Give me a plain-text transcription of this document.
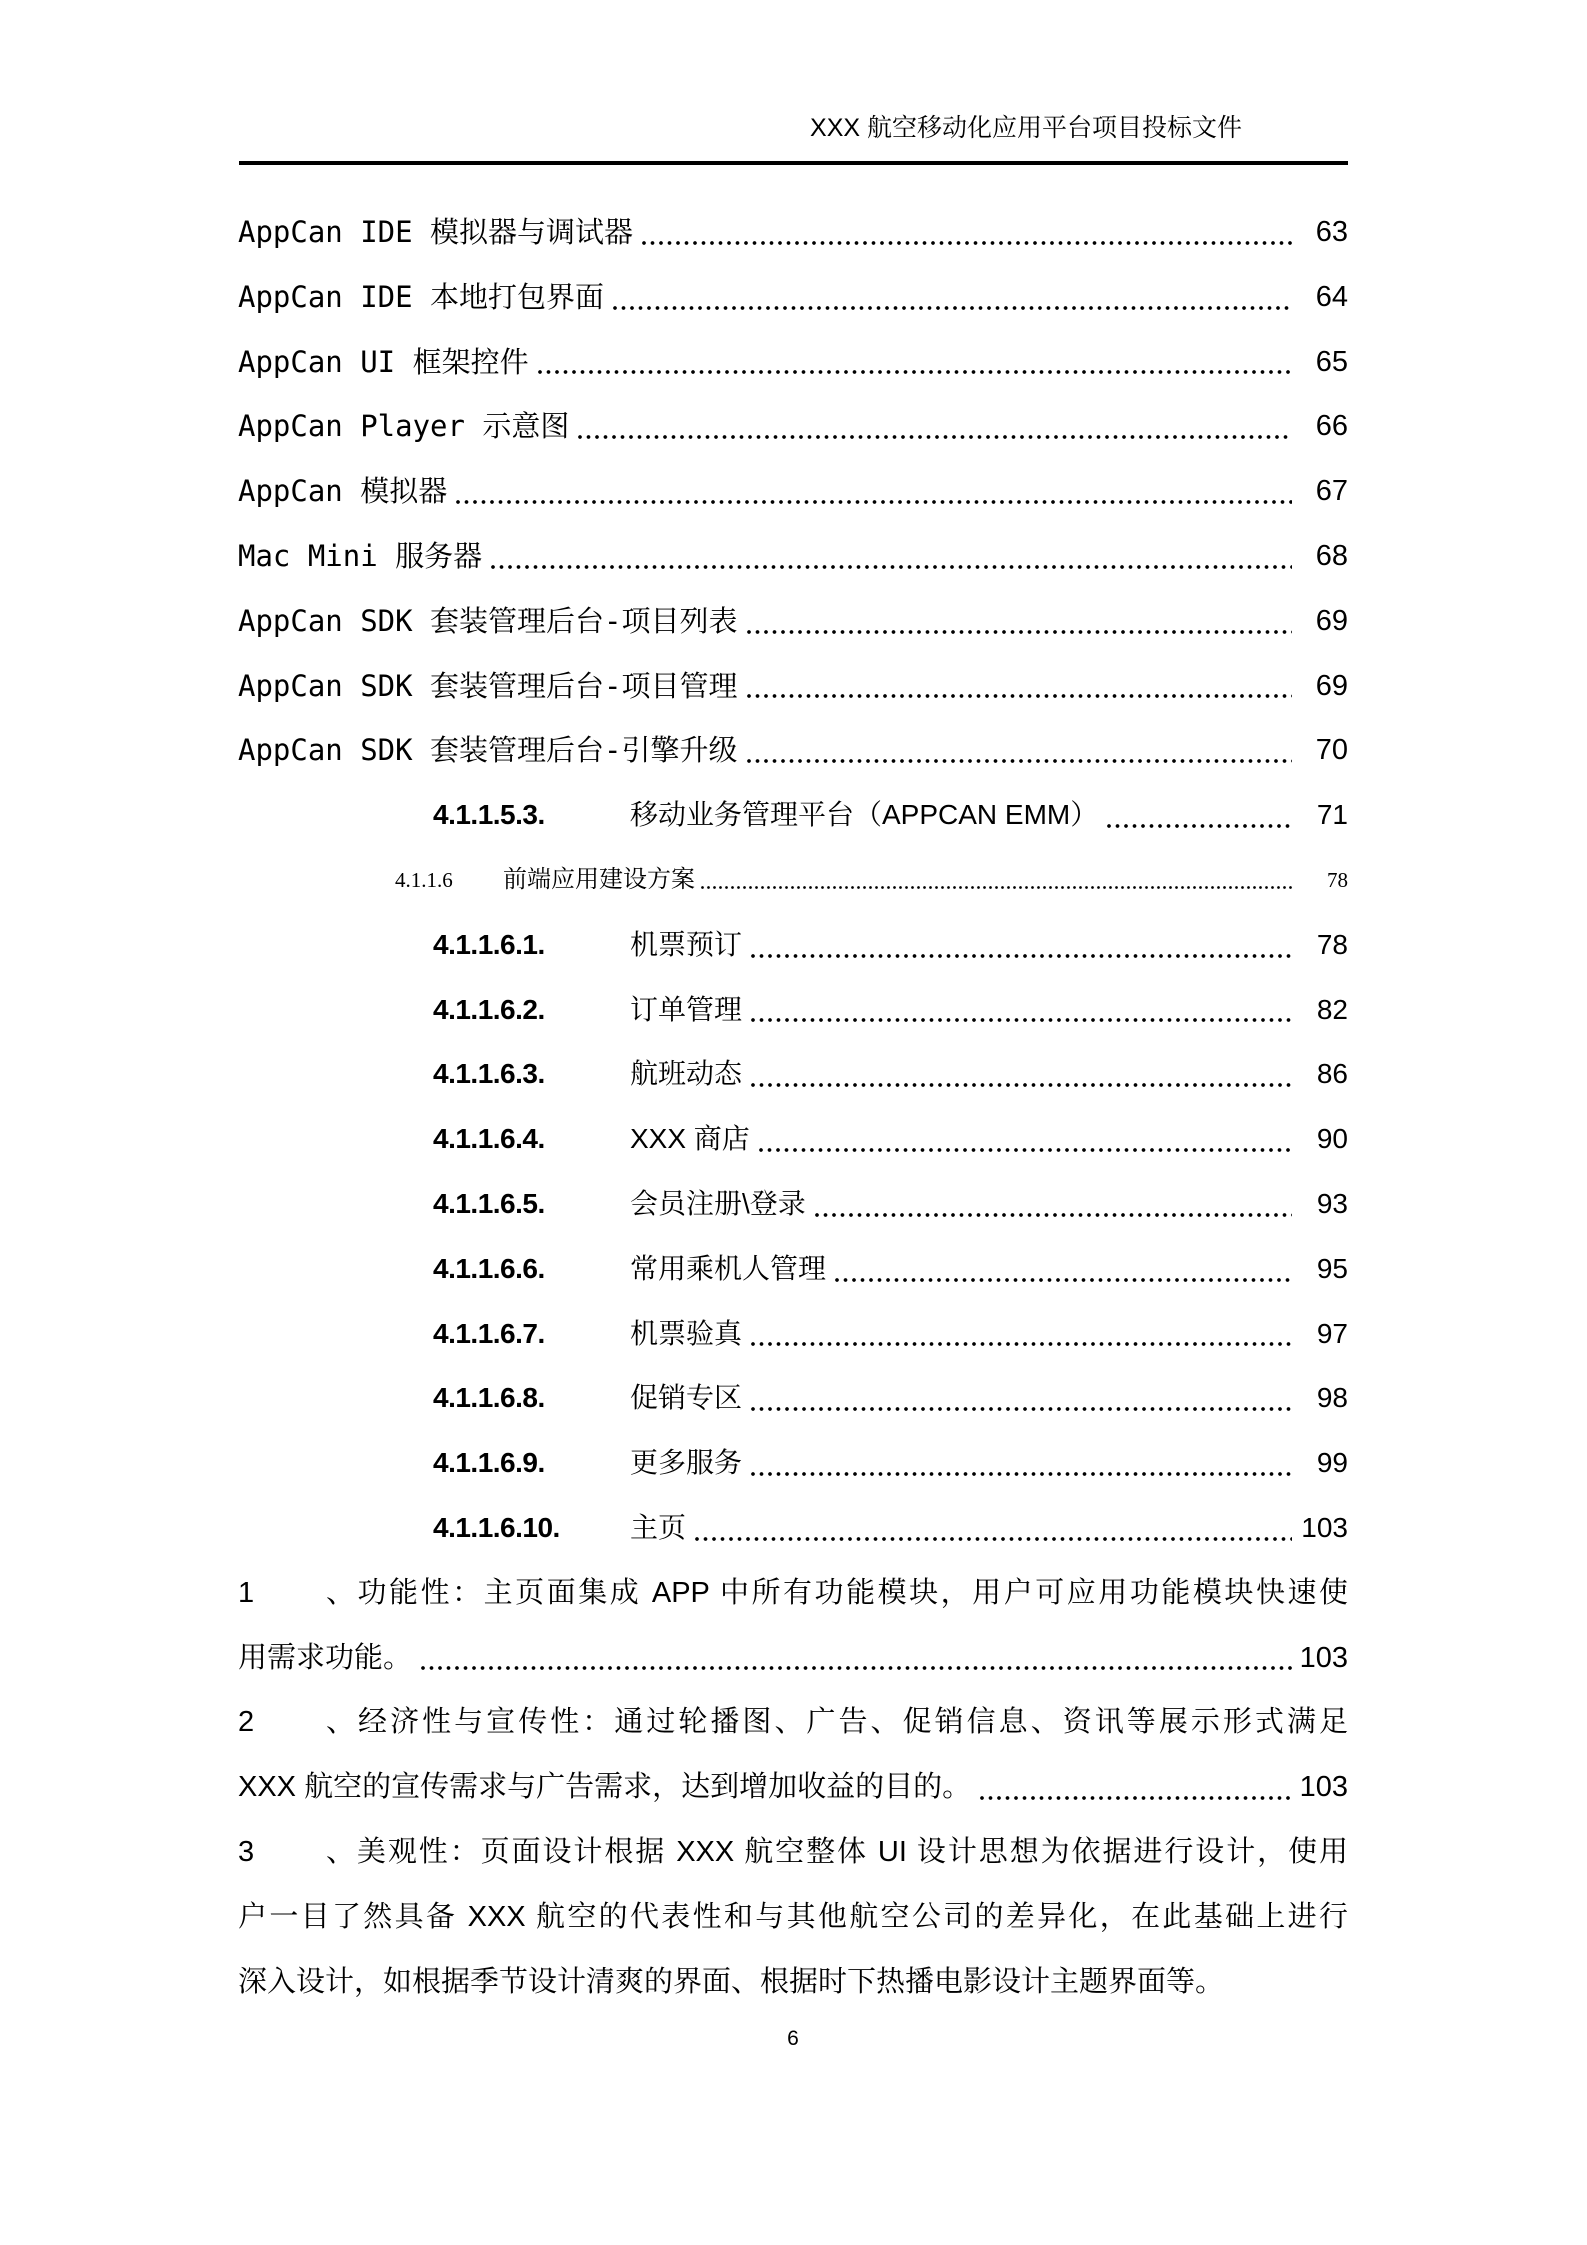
XXX 航空移动化应用平台项目投标文件
AppCan IDE 模拟器与调试器	63
AppCan IDE 本地打包界面	64
AppCan UI 框架控件	65
AppCan Player 示意图	66
AppCan 模拟器	67
Mac Mini 服务器	68
AppCan SDK 套装管理后台-项目列表	69
AppCan SDK 套装管理后台-项目管理	69
AppCan SDK 套装管理后台-引擎升级	70
4.1.1.5.3.	移动业务管理平台（APPCAN EMM）	71
4.1.1.6	前端应用建设方案	78
4.1.1.6.1.	机票预订	78
4.1.1.6.2.	订单管理	82
4.1.1.6.3.	航班动态	86
4.1.1.6.4.	XXX 商店	90
4.1.1.6.5.	会员注册\登录	93
4.1.1.6.6.	常用乘机人管理	95
4.1.1.6.7.	机票验真	97
4.1.1.6.8.	促销专区	98
4.1.1.6.9.	更多服务	99
4.1.1.6.10.	主页	103
1、功能性：主页面集成 APP 中所有功能模块，用户可应用功能模块快速使
用需求功能。	103
2、经济性与宣传性：通过轮播图、广告、促销信息、资讯等展示形式满足
XXX 航空的宣传需求与广告需求，达到增加收益的目的。	103
3、美观性：页面设计根据 XXX 航空整体 UI 设计思想为依据进行设计，使用
户一目了然具备 XXX 航空的代表性和与其他航空公司的差异化，在此基础上进行
深入设计，如根据季节设计清爽的界面、根据时下热播电影设计主题界面等。
6
